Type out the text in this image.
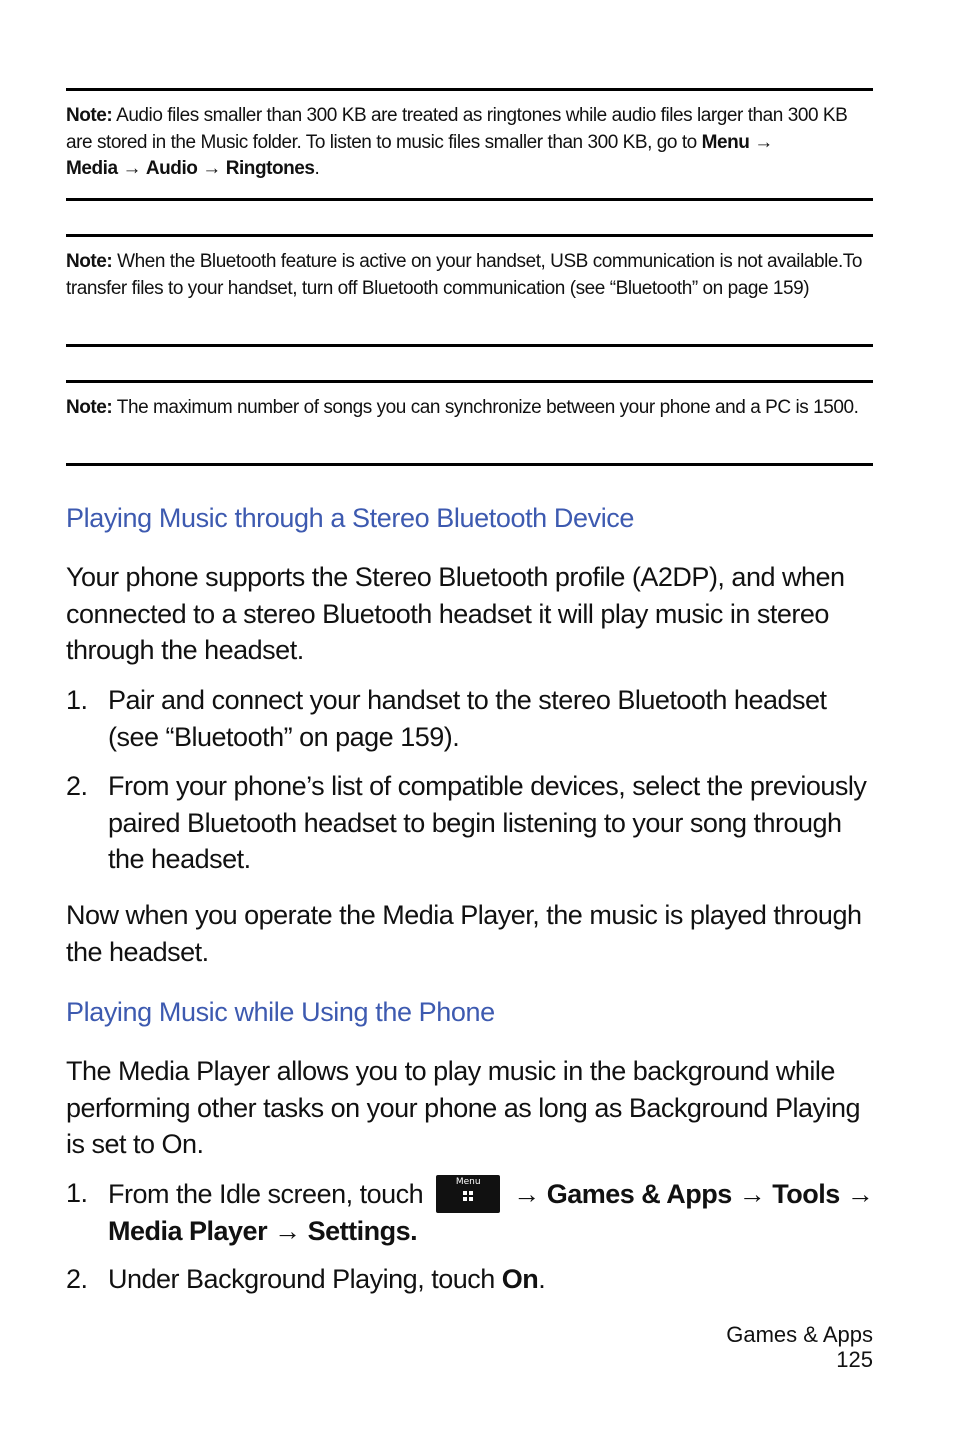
Note: Audio files smaller than 300 KB are treated as ringtones while audio files larger than 300 KB are stored in the Music folder. To listen to music files smaller than 300 KB, go to Menu →
Media → Audio → Ringtones.
Note: When the Bluetooth feature is active on your handset, USB communication is not available.To transfer files to your handset, turn off Bluetooth communication (see “Bluetooth” on page 159)
Note: The maximum number of songs you can synchronize between your phone and a PC is 1500.
Playing Music through a Stereo Bluetooth Device
Your phone supports the Stereo Bluetooth profile (A2DP), and when connected to a stereo Bluetooth headset it will play music in stereo through the headset.
1. Pair and connect your handset to the stereo Bluetooth headset (see “Bluetooth” on page 159).
2. From your phone’s list of compatible devices, select the previously paired Bluetooth headset to begin listening to your song through the headset.
Now when you operate the Media Player, the music is played through the headset.
Playing Music while Using the Phone
The Media Player allows you to play music in the background while performing other tasks on your phone as long as Background Playing is set to On.
1. From the Idle screen, touch	Menu	→ Games & Apps → Tools →
Media Player → Settings.
2. Under Background Playing, touch On.
Games & Apps
125
